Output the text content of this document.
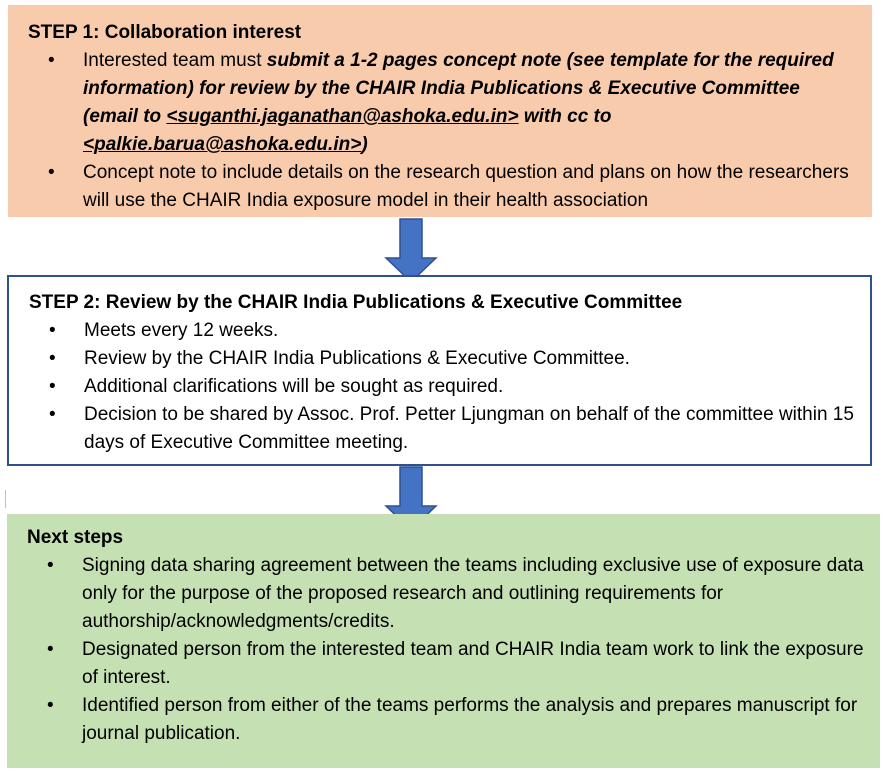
STEP 1: Collaboration interest
• Interested team must submit a 1-2 pages concept note (see template for the required information) for review by the CHAIR India Publications & Executive Committee (email to <suganthi.jaganathan@ashoka.edu.in> with cc to <palkie.barua@ashoka.edu.in>)
• Concept note to include details on the research question and plans on how the researchers will use the CHAIR India exposure model in their health association
STEP 2: Review by the CHAIR India Publications & Executive Committee
• Meets every 12 weeks.
• Review by the CHAIR India Publications & Executive Committee.
• Additional clarifications will be sought as required.
• Decision to be shared by Assoc. Prof. Petter Ljungman on behalf of the committee within 15 days of Executive Committee meeting.
Next steps
• Signing data sharing agreement between the teams including exclusive use of exposure data only for the purpose of the proposed research and outlining requirements for authorship/acknowledgments/credits.
• Designated person from the interested team and CHAIR India team work to link the exposure of interest.
• Identified person from either of the teams performs the analysis and prepares manuscript for journal publication.
